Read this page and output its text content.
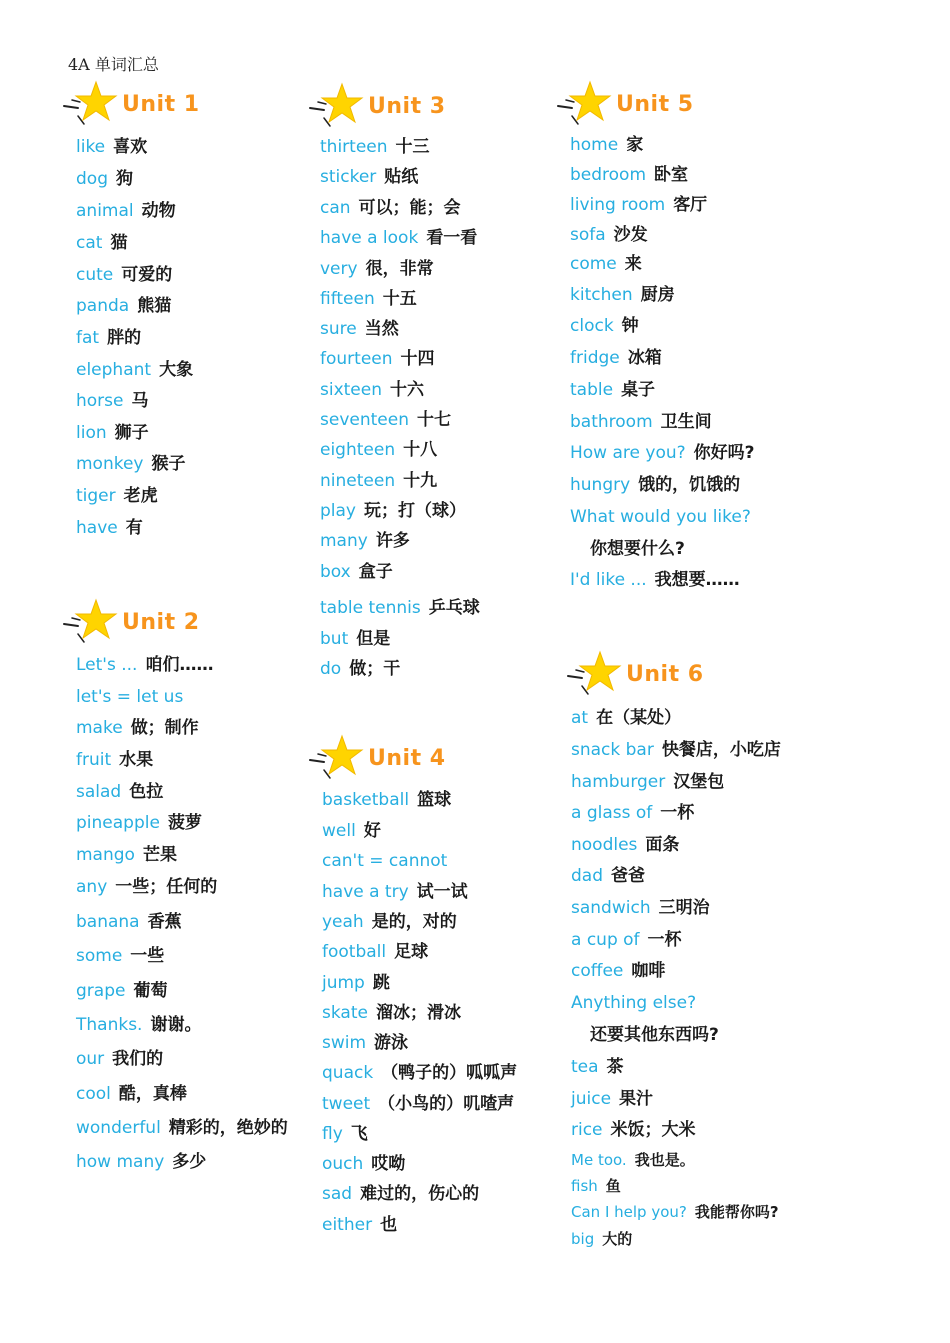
4A 单词汇总
Unit 1
like 喜欢
dog 狗
animal 动物
cat 猫
cute 可爱的
panda 熊猫
fat 胖的
elephant 大象
horse 马
lion 狮子
monkey 猴子
tiger 老虎
have 有
Unit 2
Let's ... 咱们……
let's = let us
make 做；制作
fruit 水果
salad 色拉
pineapple 菠萝
mango 芒果
any 一些；任何的
banana 香蕉
some 一些
grape 葡萄
Thanks. 谢谢。
our 我们的
cool 酷，真棒
wonderful 精彩的，绝妙的
how many 多少
Unit 3
thirteen 十三
sticker 贴纸
can 可以；能；会
have a look 看一看
very 很，非常
fifteen 十五
sure 当然
fourteen 十四
sixteen 十六
seventeen 十七
eighteen 十八
nineteen 十九
play 玩；打（球）
many 许多
box 盒子
table tennis 乒乓球
but 但是
do 做；干
Unit 4
basketball 篮球
well 好
can't = cannot
have a try 试一试
yeah 是的，对的
football 足球
jump 跳
skate 溜冰；滑冰
swim 游泳
quack （鸭子的）呱呱声
tweet （小鸟的）叽喳声
fly 飞
ouch 哎呦
sad 难过的，伤心的
either 也
Unit 5
home 家
bedroom 卧室
living room 客厅
sofa 沙发
come 来
kitchen 厨房
clock 钟
fridge 冰箱
table 桌子
bathroom 卫生间
How are you? 你好吗?
hungry 饿的，饥饿的
What would you like?
你想要什么?
I'd like ... 我想要……
Unit 6
at 在（某处）
snack bar 快餐店，小吃店
hamburger 汉堡包
a glass of 一杯
noodles 面条
dad 爸爸
sandwich 三明治
a cup of 一杯
coffee 咖啡
Anything else?
还要其他东西吗?
tea 茶
juice 果汁
rice 米饭；大米
Me too. 我也是。
fish 鱼
Can I help you? 我能帮你吗?
big 大的
